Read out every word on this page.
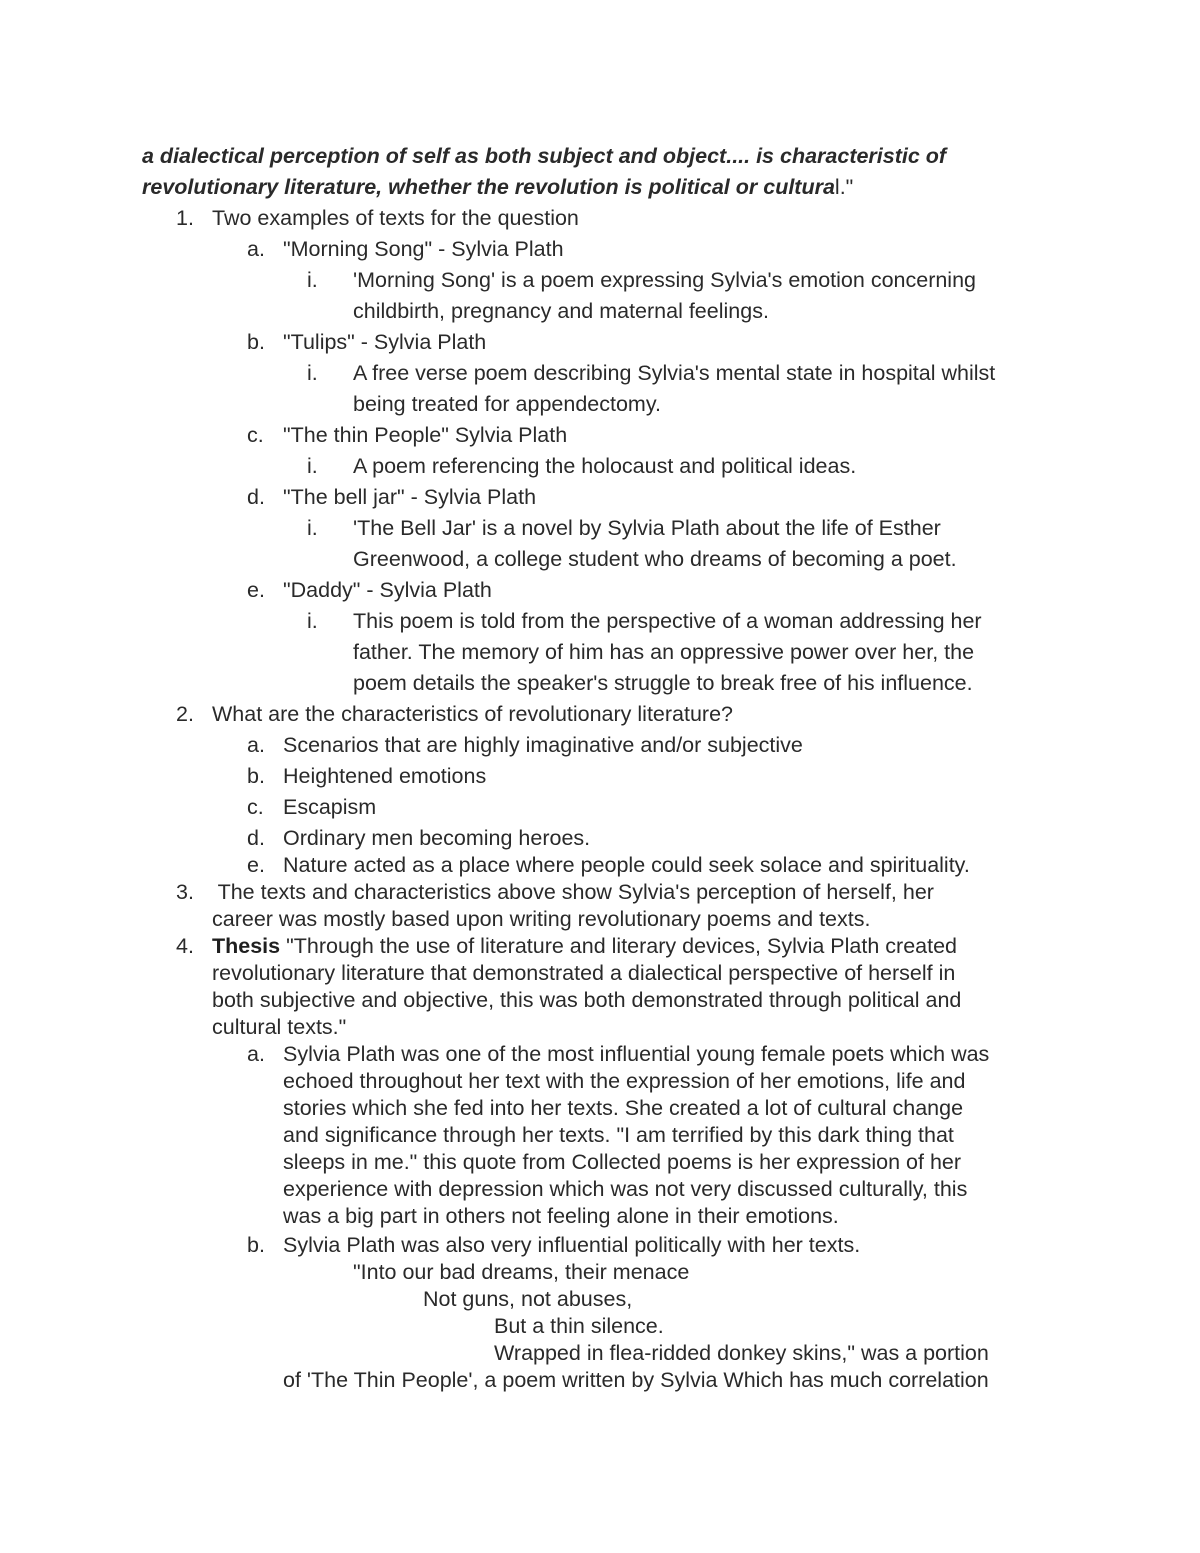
a dialectical perception of self as both subject and object.... is characteristic of
revolutionary literature, whether the revolution is political or cultural."
1. Two examples of texts for the question
a. "Morning Song" - Sylvia Plath
i. 'Morning Song' is a poem expressing Sylvia's emotion concerning
childbirth, pregnancy and maternal feelings.
b. "Tulips" - Sylvia Plath
i. A free verse poem describing Sylvia's mental state in hospital whilst
being treated for appendectomy.
c. "The thin People" Sylvia Plath
i. A poem referencing the holocaust and political ideas.
d. "The bell jar" - Sylvia Plath
i. 'The Bell Jar' is a novel by Sylvia Plath about the life of Esther
Greenwood, a college student who dreams of becoming a poet.
e. "Daddy" - Sylvia Plath
i. This poem is told from the perspective of a woman addressing her
father. The memory of him has an oppressive power over her, the
poem details the speaker's struggle to break free of his influence.
2. What are the characteristics of revolutionary literature?
a. Scenarios that are highly imaginative and/or subjective
b. Heightened emotions
c. Escapism
d. Ordinary men becoming heroes.
e. Nature acted as a place where people could seek solace and spirituality.
3. The texts and characteristics above show Sylvia's perception of herself, her
career was mostly based upon writing revolutionary poems and texts.
4. Thesis "Through the use of literature and literary devices, Sylvia Plath created
revolutionary literature that demonstrated a dialectical perspective of herself in
both subjective and objective, this was both demonstrated through political and
cultural texts."
a. Sylvia Plath was one of the most influential young female poets which was
echoed throughout her text with the expression of her emotions, life and
stories which she fed into her texts. She created a lot of cultural change
and significance through her texts. "I am terrified by this dark thing that
sleeps in me." this quote from Collected poems is her expression of her
experience with depression which was not very discussed culturally, this
was a big part in others not feeling alone in their emotions.
b. Sylvia Plath was also very influential politically with her texts.
"Into our bad dreams, their menace
Not guns, not abuses,
But a thin silence.
Wrapped in flea-ridded donkey skins," was a portion
of 'The Thin People', a poem written by Sylvia Which has much correlation
